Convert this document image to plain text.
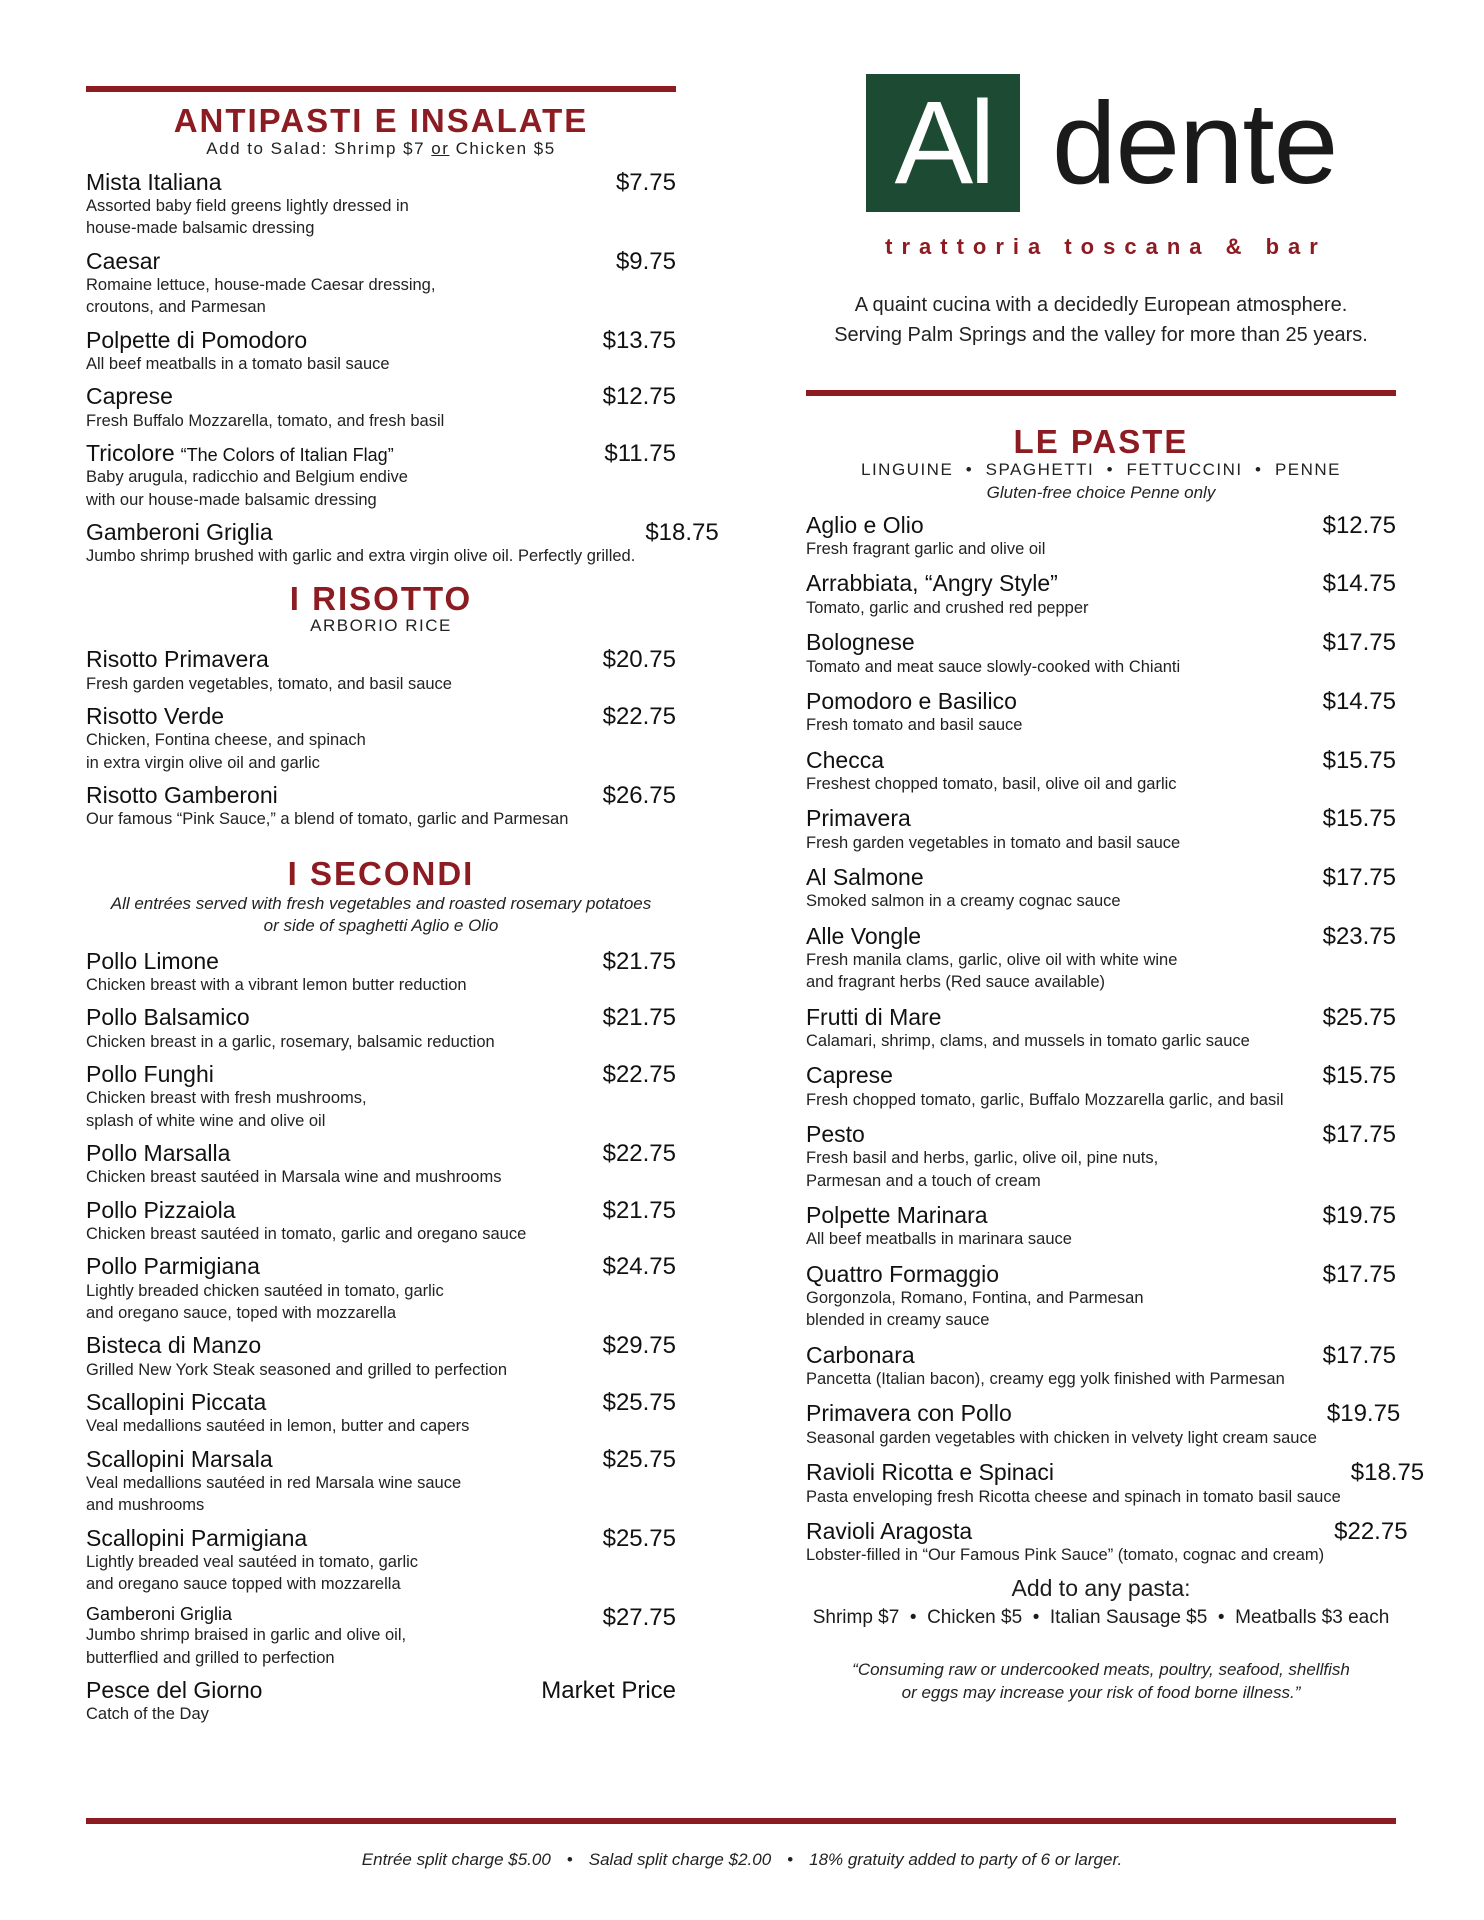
Al dente
trattoria toscana & bar
A quaint cucina with a decidedly European atmosphere.
Serving Palm Springs and the valley for more than 25 years.
ANTIPASTI E INSALATE
Add to Salad: Shrimp $7 or Chicken $5
Mista Italiana
Assorted baby field greens lightly dressed in
house-made balsamic dressing
$7.75
Caesar
Romaine lettuce, house-made Caesar dressing,
croutons, and Parmesan
$9.75
Polpette di Pomodoro
All beef meatballs in a tomato basil sauce
$13.75
Caprese
Fresh Buffalo Mozzarella, tomato, and fresh basil
$12.75
Tricolore “The Colors of Italian Flag”
Baby arugula, radicchio and Belgium endive
with our house-made balsamic dressing
$11.75
Gamberoni Griglia
Jumbo shrimp brushed with garlic and extra virgin olive oil. Perfectly grilled.
$18.75
I RISOTTO
ARBORIO RICE
Risotto Primavera
Fresh garden vegetables, tomato, and basil sauce
$20.75
Risotto Verde
Chicken, Fontina cheese, and spinach
in extra virgin olive oil and garlic
$22.75
Risotto Gamberoni
Our famous “Pink Sauce,” a blend of tomato, garlic and Parmesan
$26.75
I SECONDI
All entrées served with fresh vegetables and roasted rosemary potatoes
or side of spaghetti Aglio e Olio
Pollo Limone
Chicken breast with a vibrant lemon butter reduction
$21.75
Pollo Balsamico
Chicken breast in a garlic, rosemary, balsamic reduction
$21.75
Pollo Funghi
Chicken breast with fresh mushrooms,
splash of white wine and olive oil
$22.75
Pollo Marsalla
Chicken breast sautéed in Marsala wine and mushrooms
$22.75
Pollo Pizzaiola
Chicken breast sautéed in tomato, garlic and oregano sauce
$21.75
Pollo Parmigiana
Lightly breaded chicken sautéed in tomato, garlic
and oregano sauce, toped with mozzarella
$24.75
Bisteca di Manzo
Grilled New York Steak seasoned and grilled to perfection
$29.75
Scallopini Piccata
Veal medallions sautéed in lemon, butter and capers
$25.75
Scallopini Marsala
Veal medallions sautéed in red Marsala wine sauce
and mushrooms
$25.75
Scallopini Parmigiana
Lightly breaded veal sautéed in tomato, garlic
and oregano sauce topped with mozzarella
$25.75
Gamberoni Griglia
Jumbo shrimp braised in garlic and olive oil,
butterflied and grilled to perfection
$27.75
Pesce del Giorno
Catch of the Day
Market Price
LE PASTE
LINGUINE  •  SPAGHETTI  •  FETTUCCINI  •  PENNE
Gluten-free choice Penne only
Aglio e Olio
Fresh fragrant garlic and olive oil
$12.75
Arrabbiata, “Angry Style”
Tomato, garlic and crushed red pepper
$14.75
Bolognese
Tomato and meat sauce slowly-cooked with Chianti
$17.75
Pomodoro e Basilico
Fresh tomato and basil sauce
$14.75
Checca
Freshest chopped tomato, basil, olive oil and garlic
$15.75
Primavera
Fresh garden vegetables in tomato and basil sauce
$15.75
Al Salmone
Smoked salmon in a creamy cognac sauce
$17.75
Alle Vongle
Fresh manila clams, garlic, olive oil with white wine
and fragrant herbs (Red sauce available)
$23.75
Frutti di Mare
Calamari, shrimp, clams, and mussels in tomato garlic sauce
$25.75
Caprese
Fresh chopped tomato, garlic, Buffalo Mozzarella garlic, and basil
$15.75
Pesto
Fresh basil and herbs, garlic, olive oil, pine nuts,
Parmesan and a touch of cream
$17.75
Polpette Marinara
All beef meatballs in marinara sauce
$19.75
Quattro Formaggio
Gorgonzola, Romano, Fontina, and Parmesan
blended in creamy sauce
$17.75
Carbonara
Pancetta (Italian bacon), creamy egg yolk finished with Parmesan
$17.75
Primavera con Pollo
Seasonal garden vegetables with chicken in velvety light cream sauce
$19.75
Ravioli Ricotta e Spinaci
Pasta enveloping fresh Ricotta cheese and spinach in tomato basil sauce
$18.75
Ravioli Aragosta
Lobster-filled in “Our Famous Pink Sauce” (tomato, cognac and cream)
$22.75
Add to any pasta:
Shrimp $7  •  Chicken $5  •  Italian Sausage $5  •  Meatballs $3 each
“Consuming raw or undercooked meats, poultry, seafood, shellfish
or eggs may increase your risk of food borne illness.”
Entrée split charge $5.00 • Salad split charge $2.00 • 18% gratuity added to party of 6 or larger.
